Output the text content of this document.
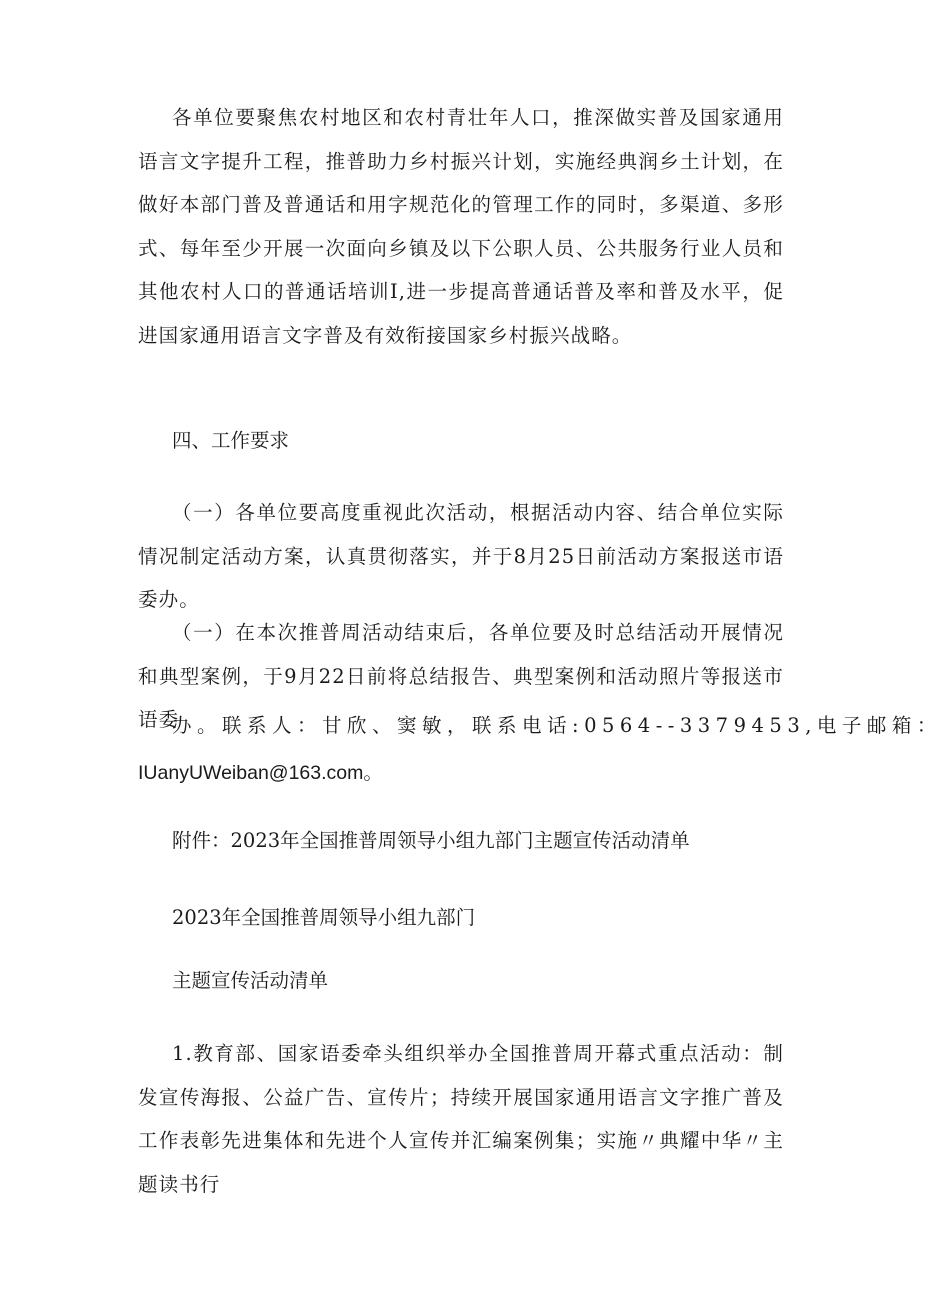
各单位要聚焦农村地区和农村青壮年人口，推深做实普及国家通用语言文字提升工程，推普助力乡村振兴计划，实施经典润乡土计划，在做好本部门普及普通话和用字规范化的管理工作的同时，多渠道、多形式、每年至少开展一次面向乡镇及以下公职人员、公共服务行业人员和其他农村人口的普通话培训I,进一步提高普通话普及率和普及水平，促进国家通用语言文字普及有效衔接国家乡村振兴战略。

四、工作要求

（一）各单位要高度重视此次活动，根据活动内容、结合单位实际情况制定活动方案，认真贯彻落实，并于8月25日前活动方案报送市语委办。

（一）在本次推普周活动结束后，各单位要及时总结活动开展情况和典型案例，于9月22日前将总结报告、典型案例和活动照片等报送市语委

办。联系人：甘欣、窦敏，联系电话:0564--3379453,电子邮箱：

IUanyUWeiban@163.com。

附件：2023年全国推普周领导小组九部门主题宣传活动清单

2023年全国推普周领导小组九部门

主题宣传活动清单

1.教育部、国家语委牵头组织举办全国推普周开幕式重点活动：制发宣传海报、公益广告、宣传片；持续开展国家通用语言文字推广普及工作表彰先进集体和先进个人宣传并汇编案例集；实施〃典耀中华〃主题读书行
